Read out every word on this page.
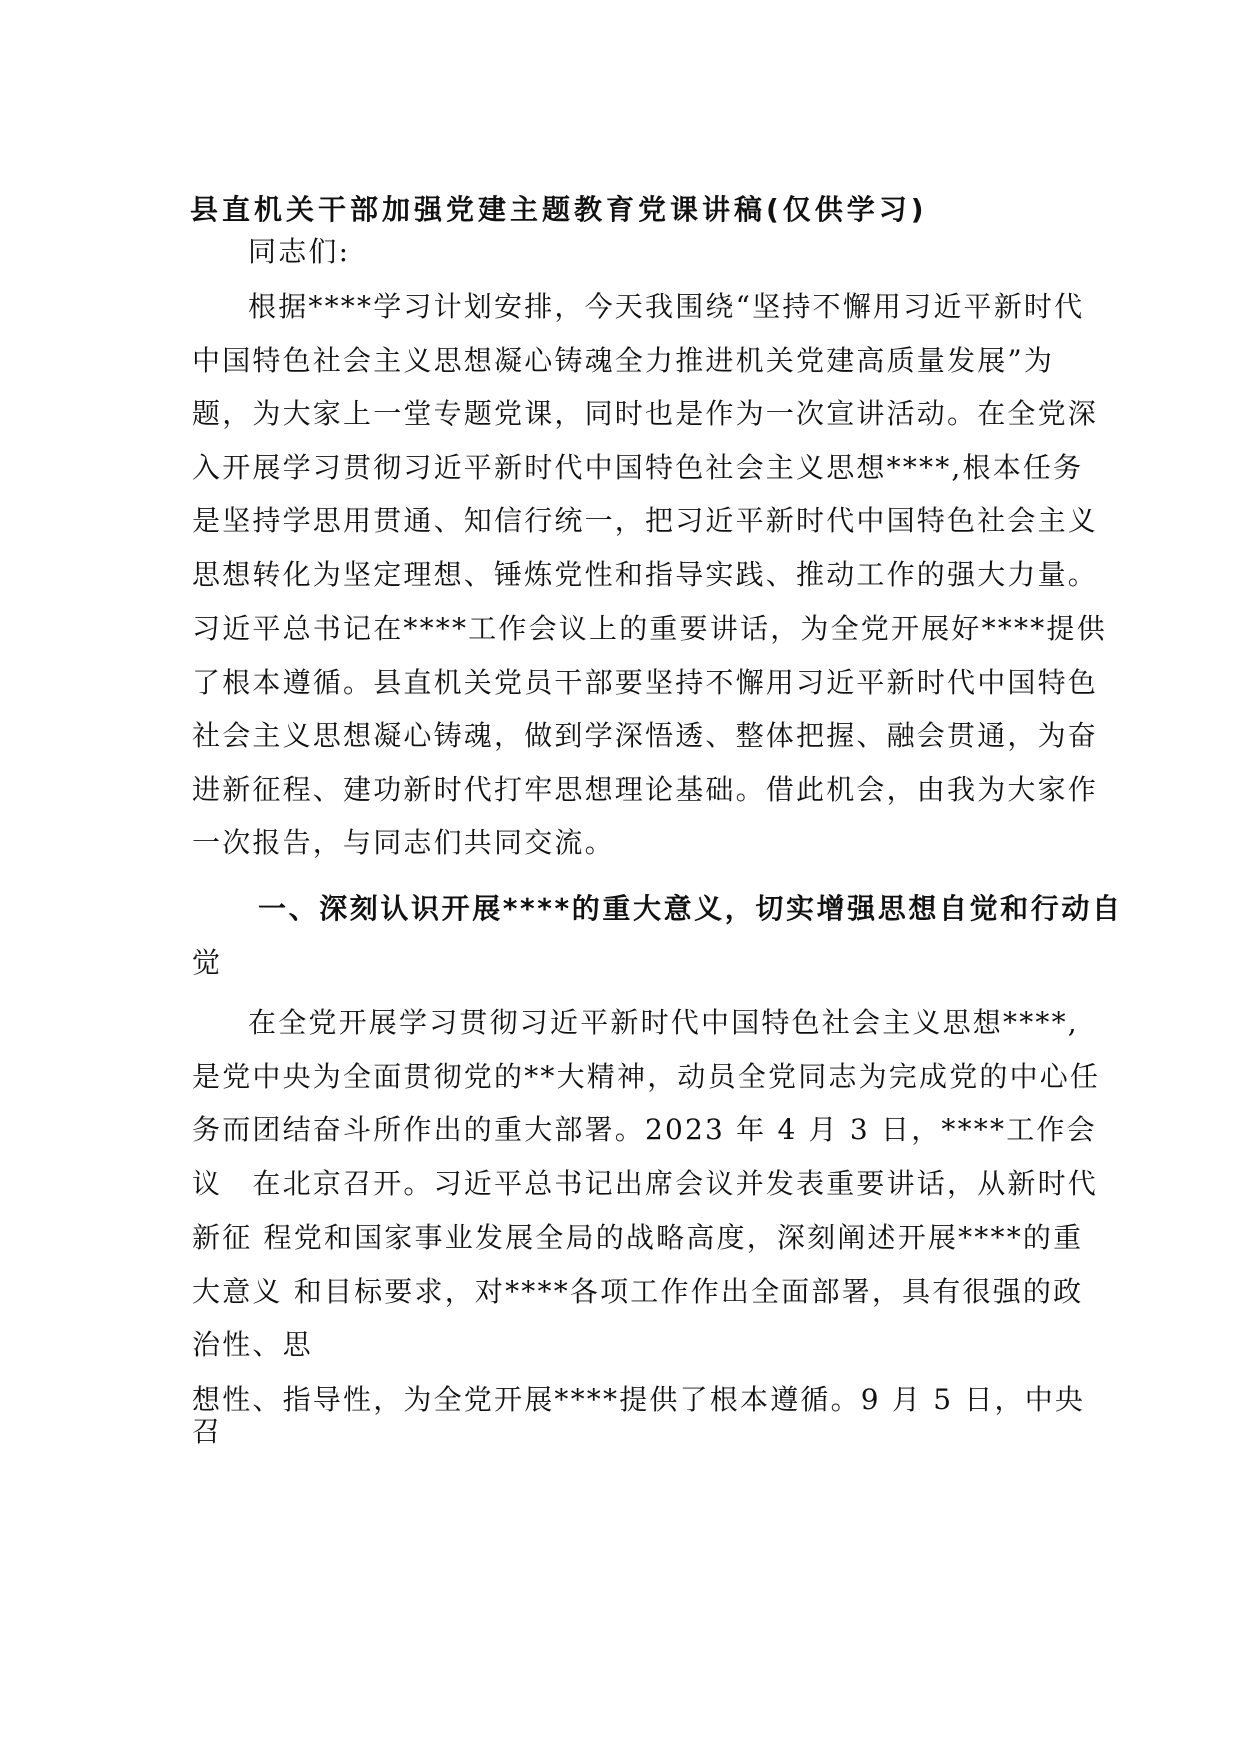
县直机关干部加强党建主题教育党课讲稿(仅供学习)
同志们:
根据****学习计划安排，今天我围绕“坚持不懈用习近平新时代
中国特色社会主义思想凝心铸魂全力推进机关党建高质量发展”为
题，为大家上一堂专题党课，同时也是作为一次宣讲活动。在全党深
入开展学习贯彻习近平新时代中国特色社会主义思想****,根本任务
是坚持学思用贯通、知信行统一，把习近平新时代中国特色社会主义
思想转化为坚定理想、锤炼党性和指导实践、推动工作的强大力量。
习近平总书记在****工作会议上的重要讲话，为全党开展好****提供
了根本遵循。县直机关党员干部要坚持不懈用习近平新时代中国特色
社会主义思想凝心铸魂，做到学深悟透、整体把握、融会贯通，为奋
进新征程、建功新时代打牢思想理论基础。借此机会，由我为大家作
一次报告，与同志们共同交流。
一、深刻认识开展****的重大意义，切实增强思想自觉和行动自
觉
在全党开展学习贯彻习近平新时代中国特色社会主义思想****,
是党中央为全面贯彻党的**大精神，动员全党同志为完成党的中心任
务而团结奋斗所作出的重大部署。2023 年 4 月 3 日，****工作会
议　在北京召开。习近平总书记出席会议并发表重要讲话，从新时代
新征 程党和国家事业发展全局的战略高度，深刻阐述开展****的重
大意义 和目标要求，对****各项工作作出全面部署，具有很强的政
治性、思
想性、指导性，为全党开展****提供了根本遵循。9 月 5 日，中央
召
